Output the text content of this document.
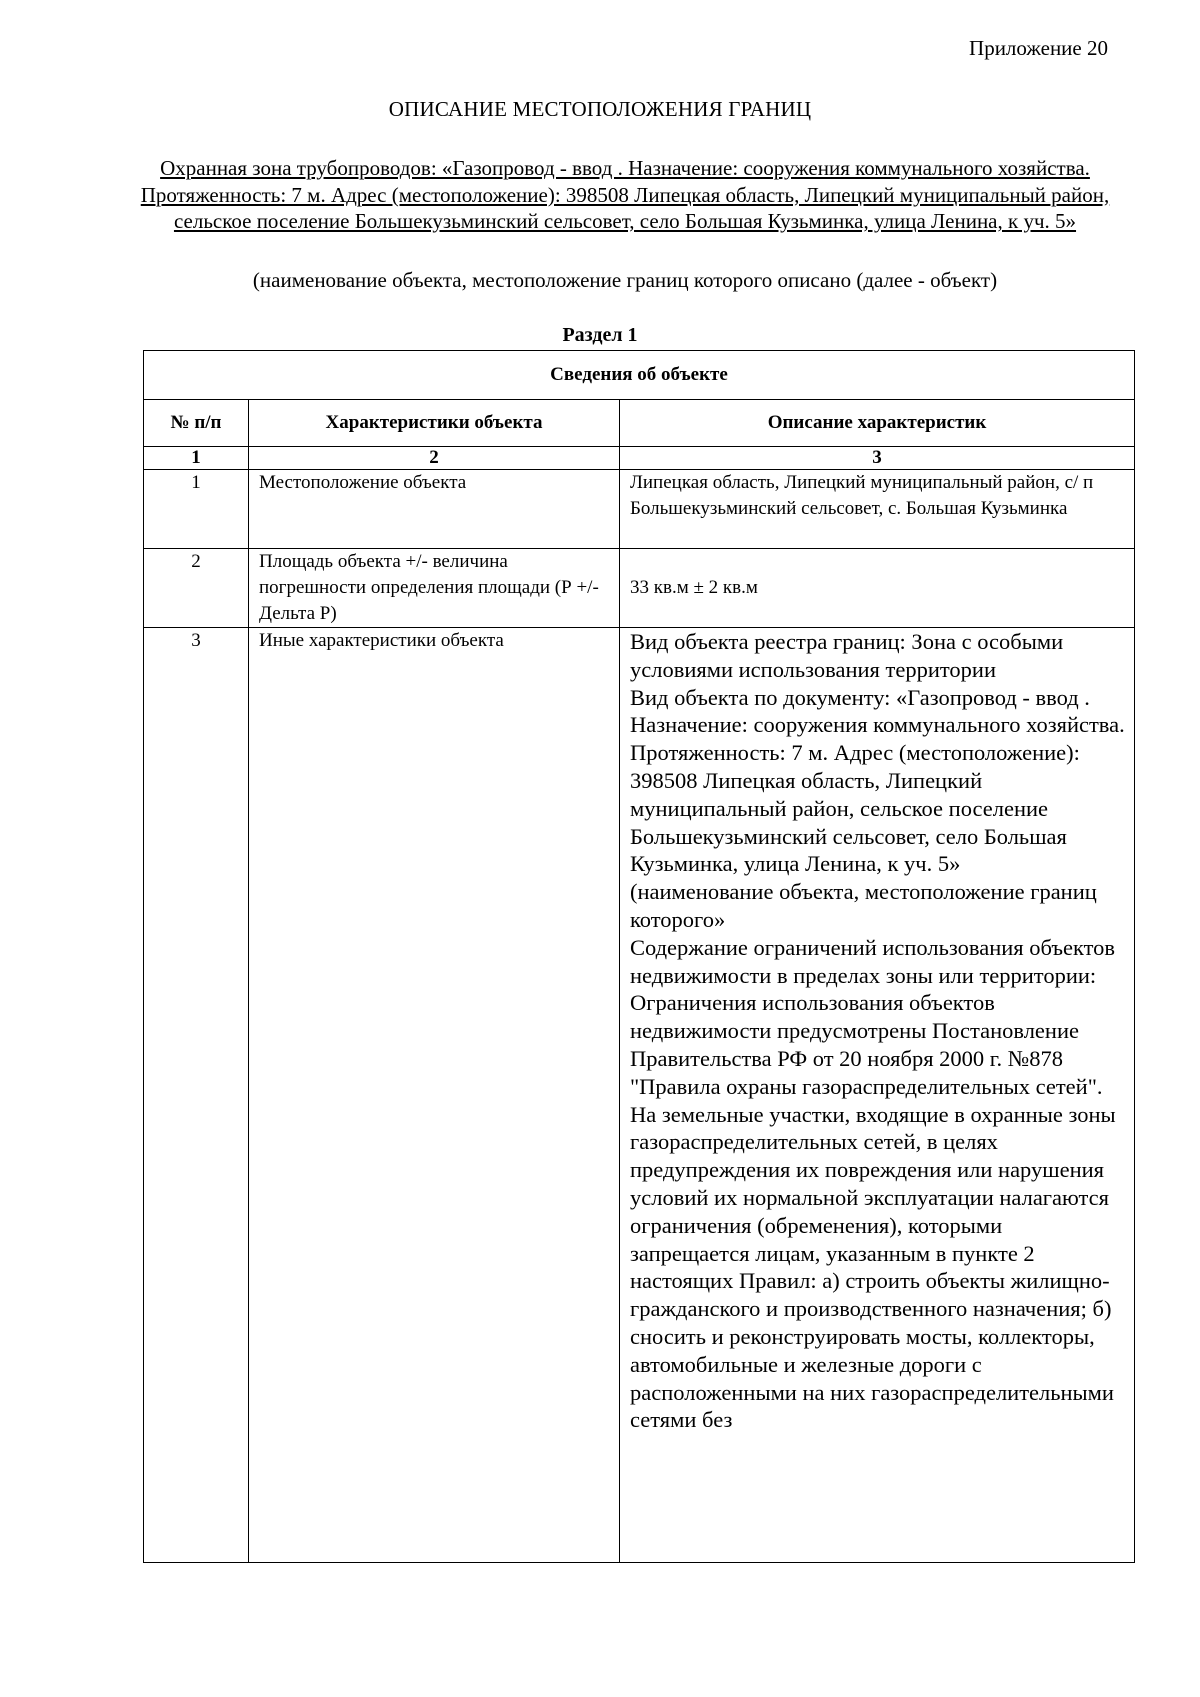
Приложение 20
ОПИСАНИЕ МЕСТОПОЛОЖЕНИЯ ГРАНИЦ
Охранная зона трубопроводов: «Газопровод - ввод . Назначение: сооружения коммунального хозяйства. Протяженность: 7 м. Адрес (местоположение): 398508 Липецкая область, Липецкий муниципальный район, сельское поселение Большекузьминский сельсовет, село Большая Кузьминка, улица Ленина, к уч. 5»
(наименование объекта, местоположение границ которого описано (далее - объект)
Раздел 1
Сведения об объекте		
№ п/п	Характеристики объекта	Описание характеристик
1	2	3
1	Местоположение объекта	Липецкая область, Липецкий муниципальный район, с/ п Большекузьминский сельсовет, с. Большая Кузьминка
2	Площадь объекта +/- величина погрешности определения площади (Р +/- Дельта Р)	33 кв.м ± 2 кв.м
3	Иные характеристики объекта	Вид объекта реестра границ: Зона с особыми условиями использования территории
Вид объекта по документу: «Газопровод - ввод . Назначение: сооружения коммунального хозяйства. Протяженность: 7 м. Адрес (местоположение): 398508 Липецкая область, Липецкий муниципальный район, сельское поселение Большекузьминский сельсовет, село Большая Кузьминка, улица Ленина, к уч. 5»
(наименование объекта, местоположение границ которого»
Содержание ограничений использования объектов недвижимости в пределах зоны или территории: Ограничения использования объектов недвижимости предусмотрены Постановление Правительства РФ от 20 ноября 2000 г. №878 "Правила охраны газораспределительных сетей". На земельные участки, входящие в охранные зоны газораспределительных сетей, в целях предупреждения их повреждения или нарушения условий их нормальной эксплуатации налагаются ограничения (обременения), которыми запрещается лицам, указанным в пункте 2 настоящих Правил: а) строить объекты жилищно-гражданского и производственного назначения; б) сносить и реконструировать мосты, коллекторы, автомобильные и железные дороги с расположенными на них газораспределительными сетями без
